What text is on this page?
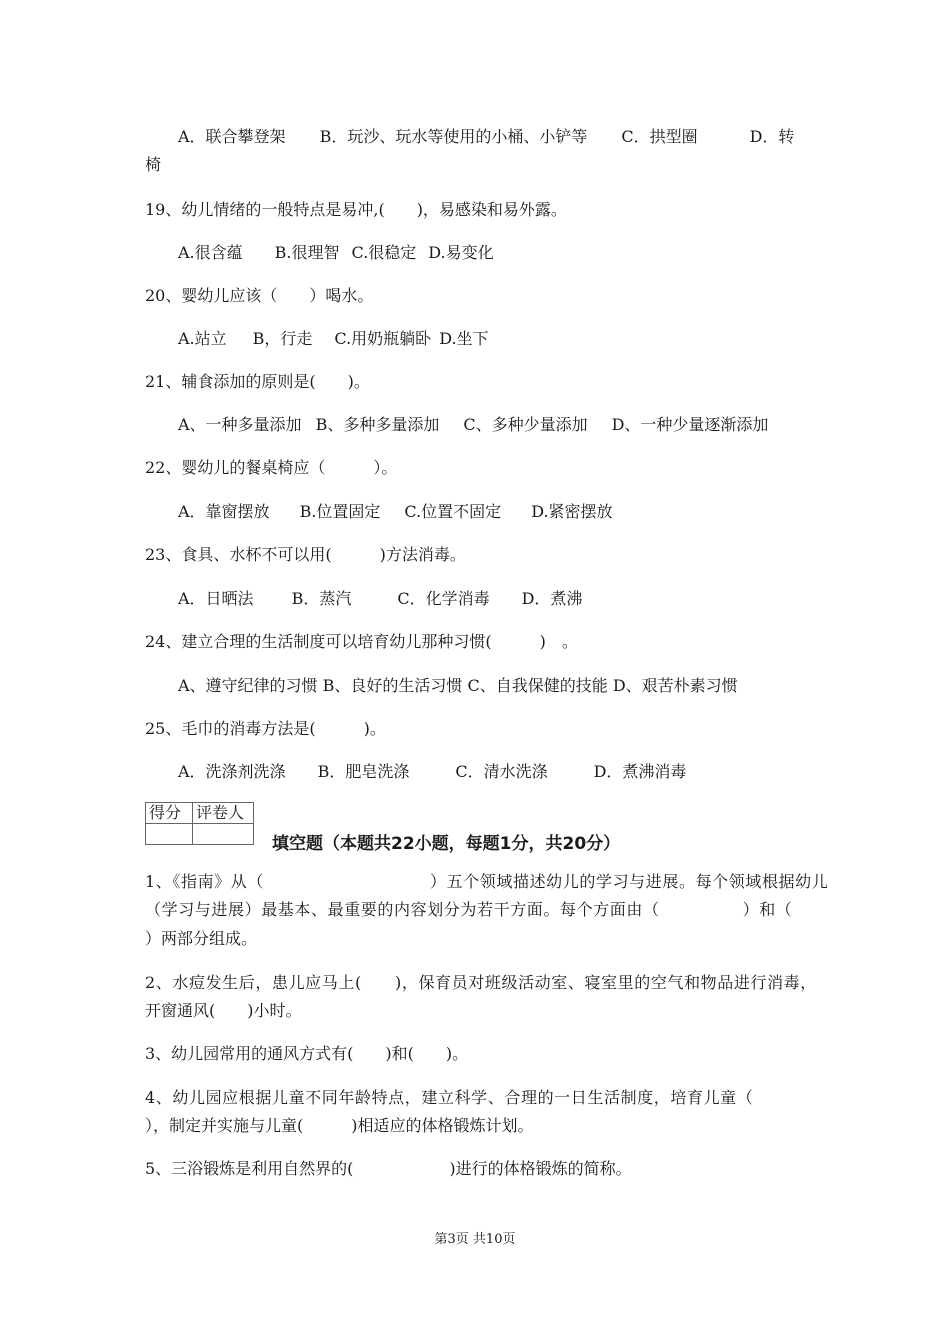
A．联合攀登架 B．玩沙、玩水等使用的小桶、小铲等 C．拱型圈	D．转
椅
19、幼儿情绪的一般特点是易冲,(　　)，易感染和易外露。
A.很含蕴 B.很理智 C.很稳定 D.易变化
20、婴幼儿应该（　　）喝水。
A.站立 B，行走 C.用奶瓶躺卧 D.坐下
21、辅食添加的原则是(　　)。
A、一种多量添加 B、多种多量添加 C、多种少量添加 D、一种少量逐渐添加
22、婴幼儿的餐桌椅应（　　　）。
A．靠窗摆放 B.位置固定 C.位置不固定 D.紧密摆放
23、食具、水杯不可以用(　　　)方法消毒。
A．日晒法 B．蒸汽	C．化学消毒 D．煮沸
24、建立合理的生活制度可以培育幼儿那种习惯(　　　)　。
A、遵守纪律的习惯 B、良好的生活习惯 C、自我保健的技能 D、艰苦朴素习惯
25、毛巾的消毒方法是(　　　)。
A．洗涤剂洗涤 B．肥皂洗涤	C．清水洗涤	D．煮沸消毒
得分	评卷人

填空题（本题共22小题，每题1分，共20分）
1、《指南》从（　　　　　　　　　　）五个领域描述幼儿的学习与进展。每个领域根据幼儿
（学习与进展）最基本、最重要的内容划分为若干方面。每个方面由（　　　　　）和（
）两部分组成。
2、水痘发生后，患儿应马上(　　)，保育员对班级活动室、寝室里的空气和物品进行消毒，
开窗通风(　　)小时。
3、幼儿园常用的通风方式有(　　)和(　　)。
4、幼儿园应根据儿童不同年龄特点，建立科学、合理的一日生活制度，培育儿童（
），制定并实施与儿童(　　　)相适应的体格锻炼计划。
5、三浴锻炼是利用自然界的(　　　　　　)进行的体格锻炼的简称。
第3页 共10页
